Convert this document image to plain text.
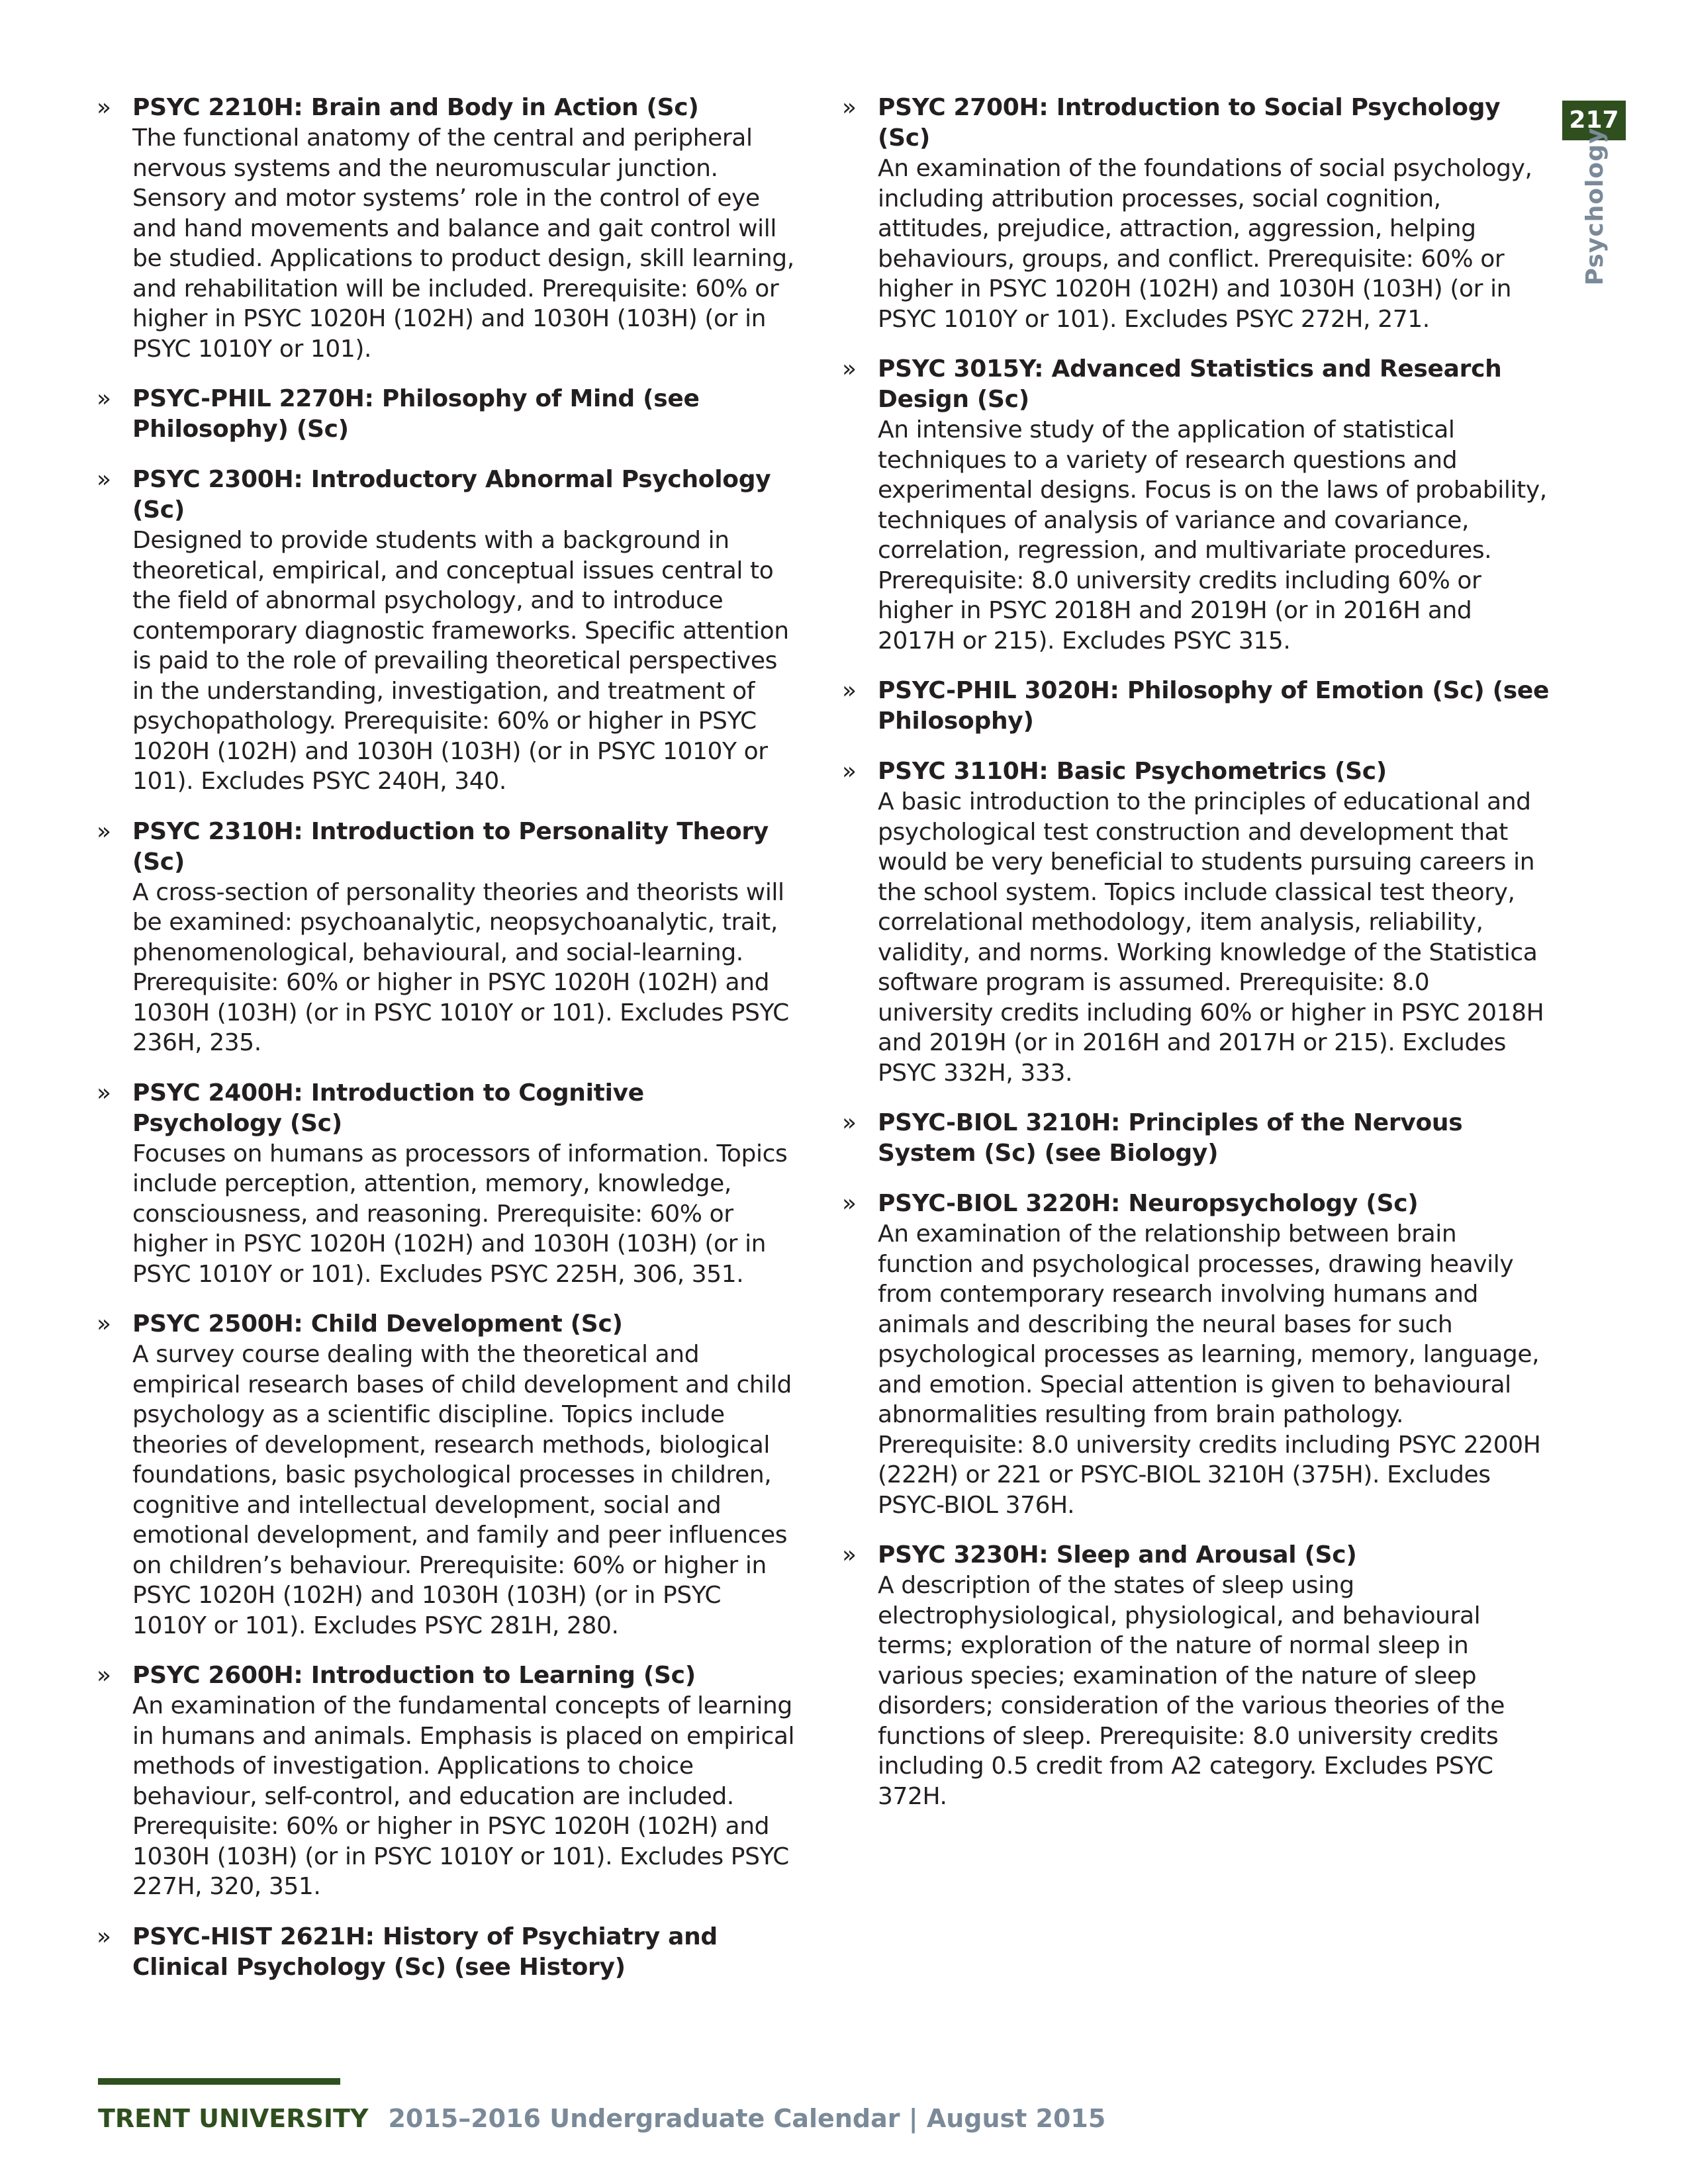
» PSYC 2210H: Brain and Body in Action (Sc)
The functional anatomy of the central and peripheral nervous systems and the neuromuscular junction. Sensory and motor systems’ role in the control of eye and hand movements and balance and gait control will be studied. Applications to product design, skill learning, and rehabilitation will be included. Prerequisite: 60% or higher in PSYC 1020H (102H) and 1030H (103H) (or in PSYC 1010Y or 101).
» PSYC-PHIL 2270H: Philosophy of Mind (see Philosophy) (Sc)
» PSYC 2300H: Introductory Abnormal Psychology (Sc)
Designed to provide students with a background in theoretical, empirical, and conceptual issues central to the field of abnormal psychology, and to introduce contemporary diagnostic frameworks. Specific attention is paid to the role of prevailing theoretical perspectives in the understanding, investigation, and treatment of psychopathology. Prerequisite: 60% or higher in PSYC 1020H (102H) and 1030H (103H) (or in PSYC 1010Y or 101). Excludes PSYC 240H, 340.
» PSYC 2310H: Introduction to Personality Theory (Sc)
A cross-section of personality theories and theorists will be examined: psychoanalytic, neopsychoanalytic, trait, phenomenological, behavioural, and social-learning. Prerequisite: 60% or higher in PSYC 1020H (102H) and 1030H (103H) (or in PSYC 1010Y or 101). Excludes PSYC 236H, 235.
» PSYC 2400H: Introduction to Cognitive Psychology (Sc)
Focuses on humans as processors of information. Topics include perception, attention, memory, knowledge, consciousness, and reasoning. Prerequisite: 60% or higher in PSYC 1020H (102H) and 1030H (103H) (or in PSYC 1010Y or 101). Excludes PSYC 225H, 306, 351.
» PSYC 2500H: Child Development (Sc)
A survey course dealing with the theoretical and empirical research bases of child development and child psychology as a scientific discipline. Topics include theories of development, research methods, biological foundations, basic psychological processes in children, cognitive and intellectual development, social and emotional development, and family and peer influences on children’s behaviour. Prerequisite: 60% or higher in PSYC 1020H (102H) and 1030H (103H) (or in PSYC 1010Y or 101). Excludes PSYC 281H, 280.
» PSYC 2600H: Introduction to Learning (Sc)
An examination of the fundamental concepts of learning in humans and animals. Emphasis is placed on empirical methods of investigation. Applications to choice behaviour, self-control, and education are included. Prerequisite: 60% or higher in PSYC 1020H (102H) and 1030H (103H) (or in PSYC 1010Y or 101). Excludes PSYC 227H, 320, 351.
» PSYC-HIST 2621H: History of Psychiatry and Clinical Psychology (Sc) (see History)
» PSYC 2700H: Introduction to Social Psychology (Sc)
An examination of the foundations of social psychology, including attribution processes, social cognition, attitudes, prejudice, attraction, aggression, helping behaviours, groups, and conflict. Prerequisite: 60% or higher in PSYC 1020H (102H) and 1030H (103H) (or in PSYC 1010Y or 101). Excludes PSYC 272H, 271.
» PSYC 3015Y: Advanced Statistics and Research Design (Sc)
An intensive study of the application of statistical techniques to a variety of research questions and experimental designs. Focus is on the laws of probability, techniques of analysis of variance and covariance, correlation, regression, and multivariate procedures. Prerequisite: 8.0 university credits including 60% or higher in PSYC 2018H and 2019H (or in 2016H and 2017H or 215). Excludes PSYC 315.
» PSYC-PHIL 3020H: Philosophy of Emotion (Sc) (see Philosophy)
» PSYC 3110H: Basic Psychometrics (Sc)
A basic introduction to the principles of educational and psychological test construction and development that would be very beneficial to students pursuing careers in the school system. Topics include classical test theory, correlational methodology, item analysis, reliability, validity, and norms. Working knowledge of the Statistica software program is assumed. Prerequisite: 8.0 university credits including 60% or higher in PSYC 2018H and 2019H (or in 2016H and 2017H or 215). Excludes PSYC 332H, 333.
» PSYC-BIOL 3210H: Principles of the Nervous System (Sc) (see Biology)
» PSYC-BIOL 3220H: Neuropsychology (Sc)
An examination of the relationship between brain function and psychological processes, drawing heavily from contemporary research involving humans and animals and describing the neural bases for such psychological processes as learning, memory, language, and emotion. Special attention is given to behavioural abnormalities resulting from brain pathology. Prerequisite: 8.0 university credits including PSYC 2200H (222H) or 221 or PSYC-BIOL 3210H (375H). Excludes PSYC-BIOL 376H.
» PSYC 3230H: Sleep and Arousal (Sc)
A description of the states of sleep using electrophysiological, physiological, and behavioural terms; exploration of the nature of normal sleep in various species; examination of the nature of sleep disorders; consideration of the various theories of the functions of sleep. Prerequisite: 8.0 university credits including 0.5 credit from A2 category. Excludes PSYC 372H.
217
Psychology
TRENT UNIVERSITY 2015–2016 Undergraduate Calendar | August 2015
